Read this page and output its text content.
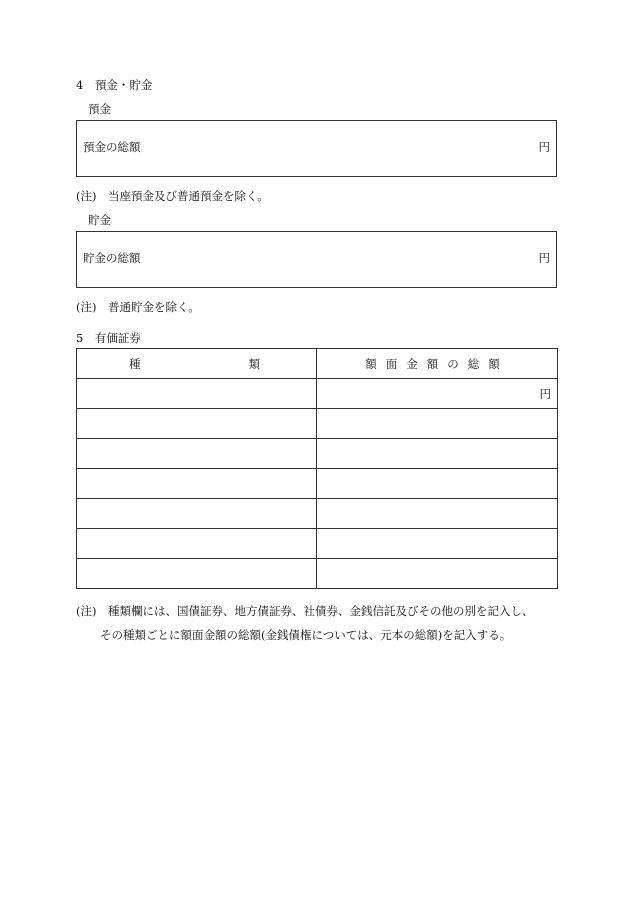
4　預金・貯金
預金
預金の総額	円
(注)　当座預金及び普通預金を除く。
貯金
貯金の総額	円
(注)　普通貯金を除く。
5　有価証券
種 類	額面金額の総額
	円

(注)　種類欄には、国債証券、地方債証券、社債券、金銭信託及びその他の別を記入し、
その種類ごとに額面金額の総額(金銭債権については、元本の総額)を記入する。
